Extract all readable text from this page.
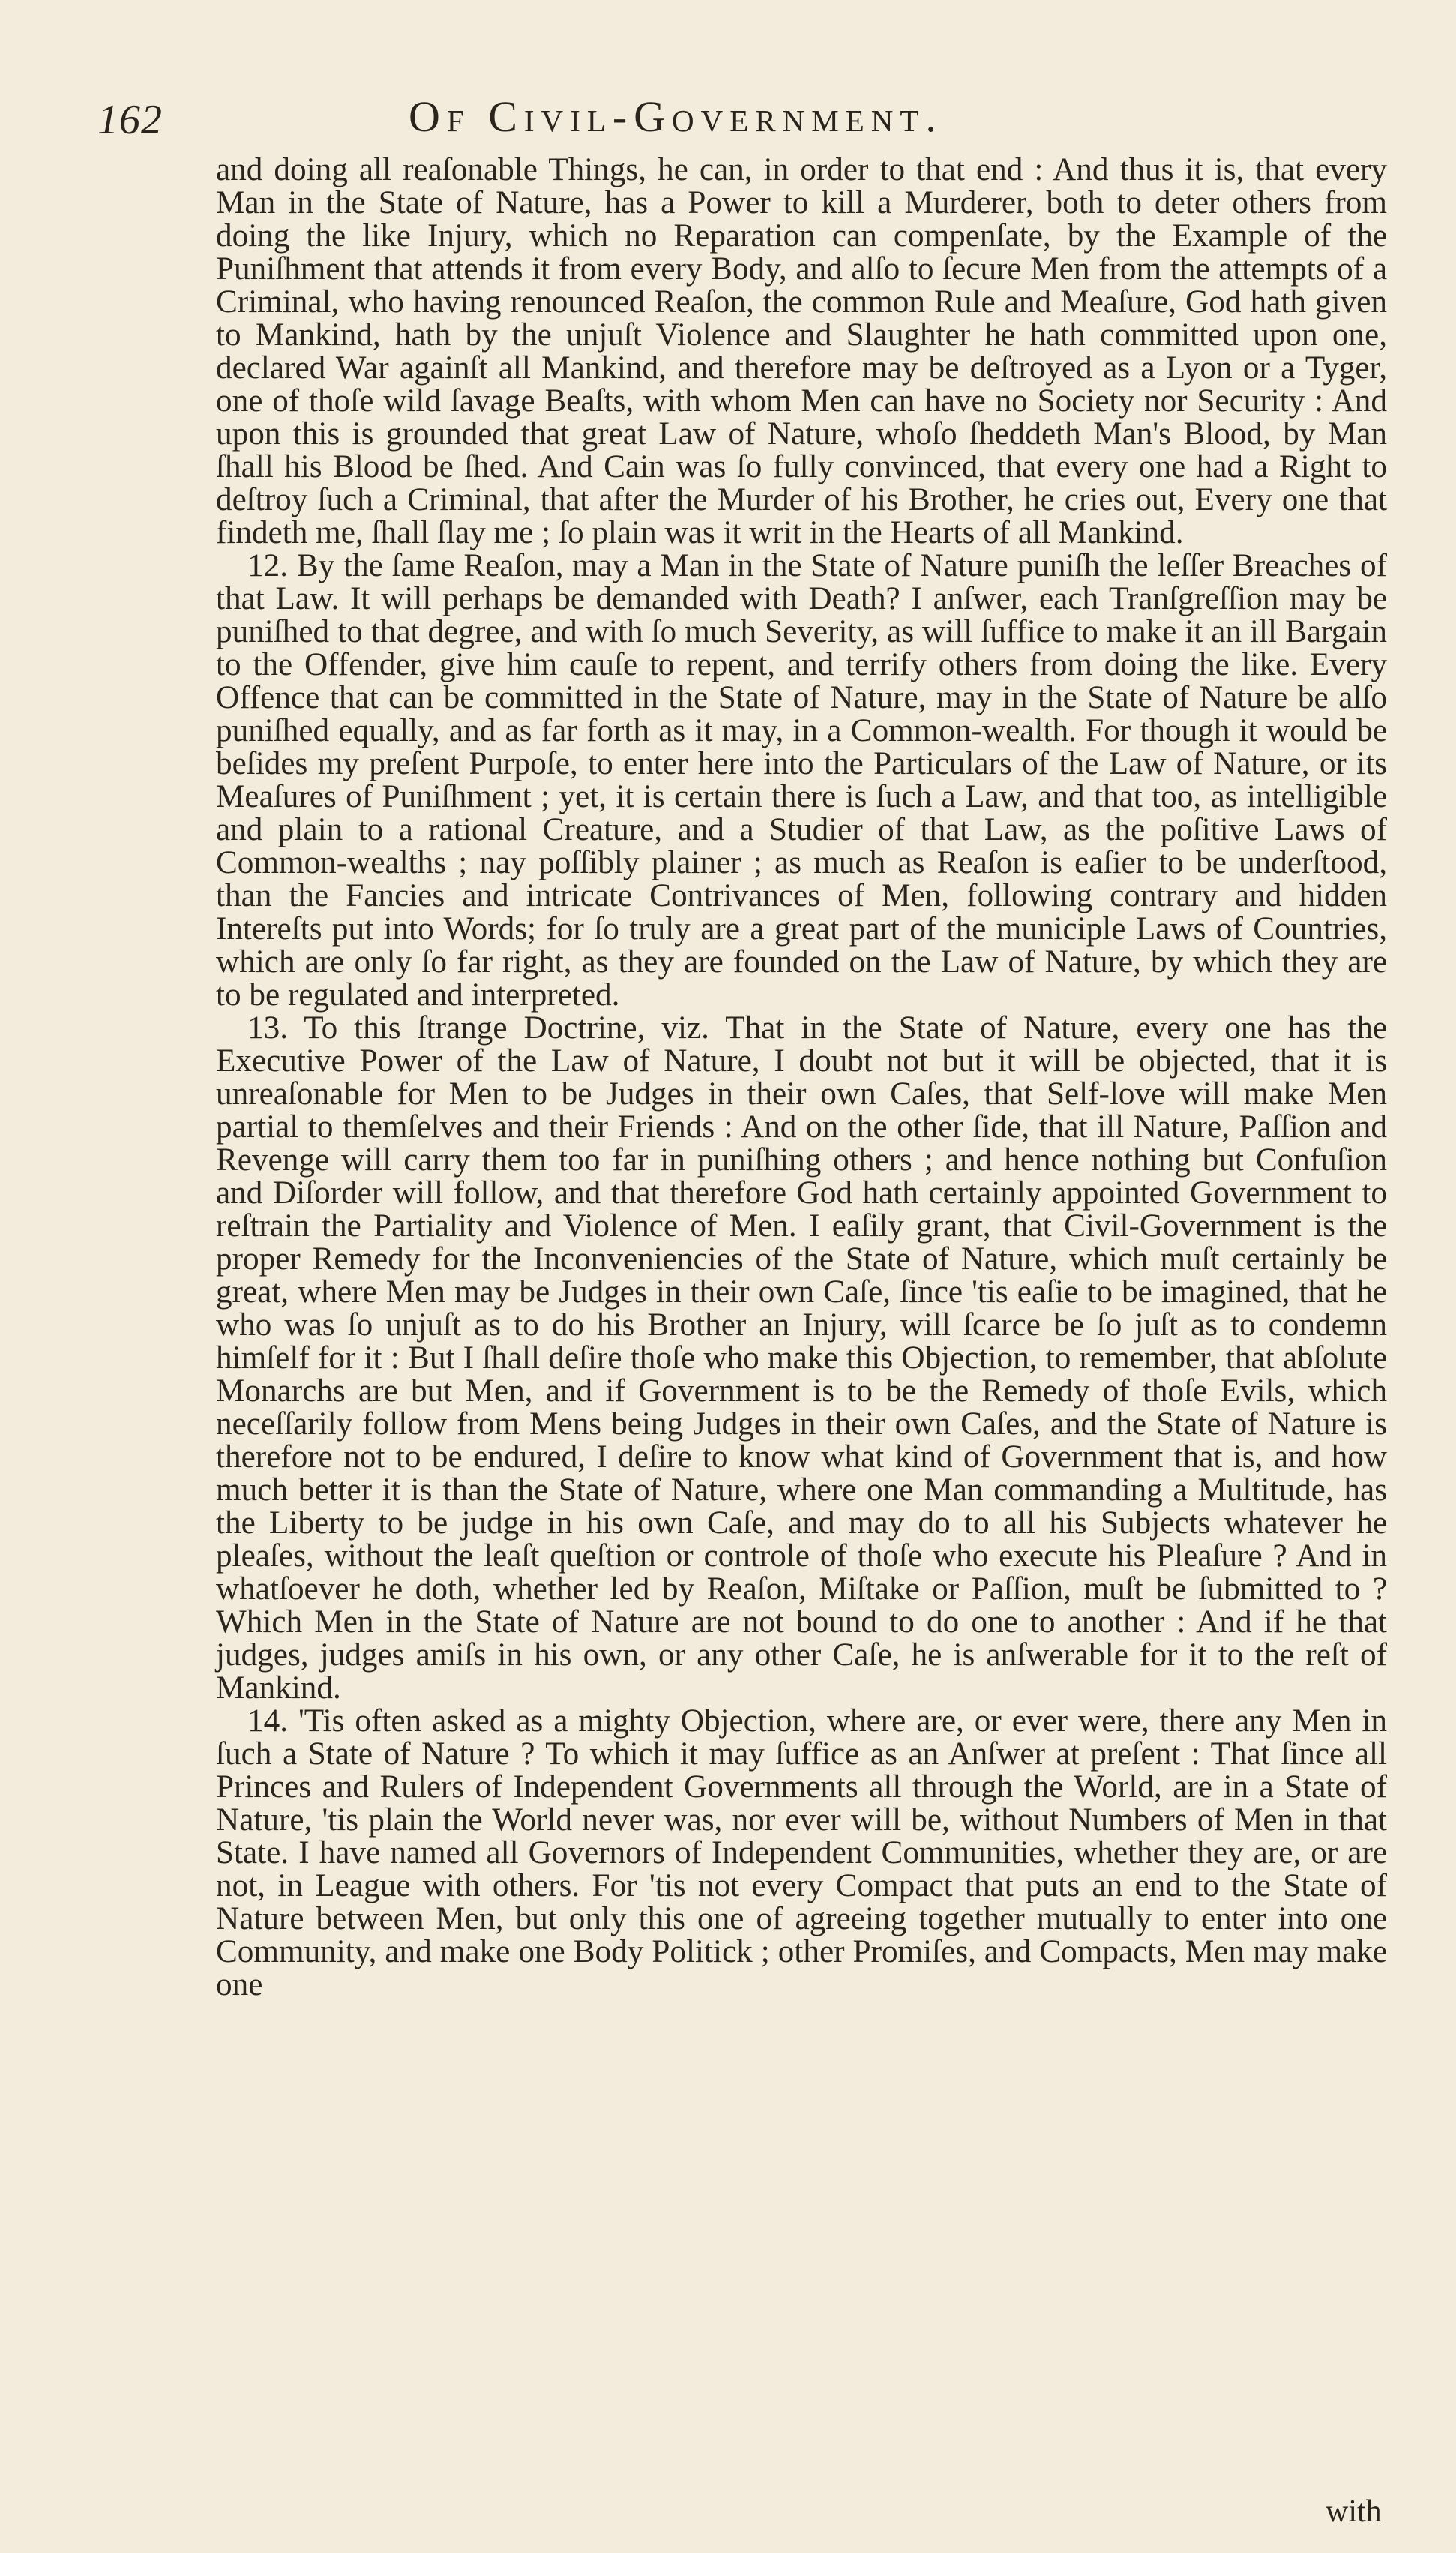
162	Of Civil-Government.

and doing all reaſonable Things, he can, in order to that end : And thus it is, that every Man in the State of Nature, has a Power to kill a Murderer, both to deter others from doing the like Injury, which no Reparation can compenſate, by the Example of the Puniſhment that attends it from every Body, and alſo to ſecure Men from the attempts of a Criminal, who having renounced Reaſon, the common Rule and Meaſure, God hath given to Mankind, hath by the unjuſt Violence and Slaughter he hath committed upon one, declared War againſt all Mankind, and therefore may be deſtroyed as a Lyon or a Tyger, one of thoſe wild ſavage Beaſts, with whom Men can have no Society nor Security : And upon this is grounded that great Law of Nature, whoſo ſheddeth Man's Blood, by Man ſhall his Blood be ſhed. And Cain was ſo fully convinced, that every one had a Right to deſtroy ſuch a Criminal, that after the Murder of his Brother, he cries out, Every one that findeth me, ſhall ſlay me ; ſo plain was it writ in the Hearts of all Mankind.

12. By the ſame Reaſon, may a Man in the State of Nature puniſh the leſſer Breaches of that Law. It will perhaps be demanded with Death? I anſwer, each Tranſgreſſion may be puniſhed to that degree, and with ſo much Severity, as will ſuffice to make it an ill Bargain to the Offender, give him cauſe to repent, and terrify others from doing the like. Every Offence that can be committed in the State of Nature, may in the State of Nature be alſo puniſhed equally, and as far forth as it may, in a Common-wealth. For though it would be beſides my preſent Purpoſe, to enter here into the Particulars of the Law of Nature, or its Meaſures of Puniſhment ; yet, it is certain there is ſuch a Law, and that too, as intelligible and plain to a rational Creature, and a Studier of that Law, as the poſitive Laws of Common-wealths ; nay poſſibly plainer ; as much as Reaſon is eaſier to be underſtood, than the Fancies and intricate Contrivances of Men, following contrary and hidden Intereſts put into Words; for ſo truly are a great part of the municiple Laws of Countries, which are only ſo far right, as they are founded on the Law of Nature, by which they are to be regulated and interpreted.

13. To this ſtrange Doctrine, viz. That in the State of Nature, every one has the Executive Power of the Law of Nature, I doubt not but it will be objected, that it is unreaſonable for Men to be Judges in their own Caſes, that Self-love will make Men partial to themſelves and their Friends : And on the other ſide, that ill Nature, Paſſion and Revenge will carry them too far in puniſhing others ; and hence nothing but Confuſion and Diſorder will follow, and that therefore God hath certainly appointed Government to reſtrain the Partiality and Violence of Men. I eaſily grant, that Civil-Government is the proper Remedy for the Inconveniencies of the State of Nature, which muſt certainly be great, where Men may be Judges in their own Caſe, ſince 'tis eaſie to be imagined, that he who was ſo unjuſt as to do his Brother an Injury, will ſcarce be ſo juſt as to condemn himſelf for it : But I ſhall deſire thoſe who make this Objection, to remember, that abſolute Monarchs are but Men, and if Government is to be the Remedy of thoſe Evils, which neceſſarily follow from Mens being Judges in their own Caſes, and the State of Nature is therefore not to be endured, I deſire to know what kind of Government that is, and how much better it is than the State of Nature, where one Man commanding a Multitude, has the Liberty to be judge in his own Caſe, and may do to all his Subjects whatever he pleaſes, without the leaſt queſtion or controle of thoſe who execute his Pleaſure ? And in whatſoever he doth, whether led by Reaſon, Miſtake or Paſſion, muſt be ſubmitted to ? Which Men in the State of Nature are not bound to do one to another : And if he that judges, judges amiſs in his own, or any other Caſe, he is anſwerable for it to the reſt of Mankind.

14. 'Tis often asked as a mighty Objection, where are, or ever were, there any Men in ſuch a State of Nature ? To which it may ſuffice as an Anſwer at preſent : That ſince all Princes and Rulers of Independent Governments all through the World, are in a State of Nature, 'tis plain the World never was, nor ever will be, without Numbers of Men in that State. I have named all Governors of Independent Communities, whether they are, or are not, in League with others. For 'tis not every Compact that puts an end to the State of Nature between Men, but only this one of agreeing together mutually to enter into one Community, and make one Body Politick ; other Promiſes, and Compacts, Men may make one

with
